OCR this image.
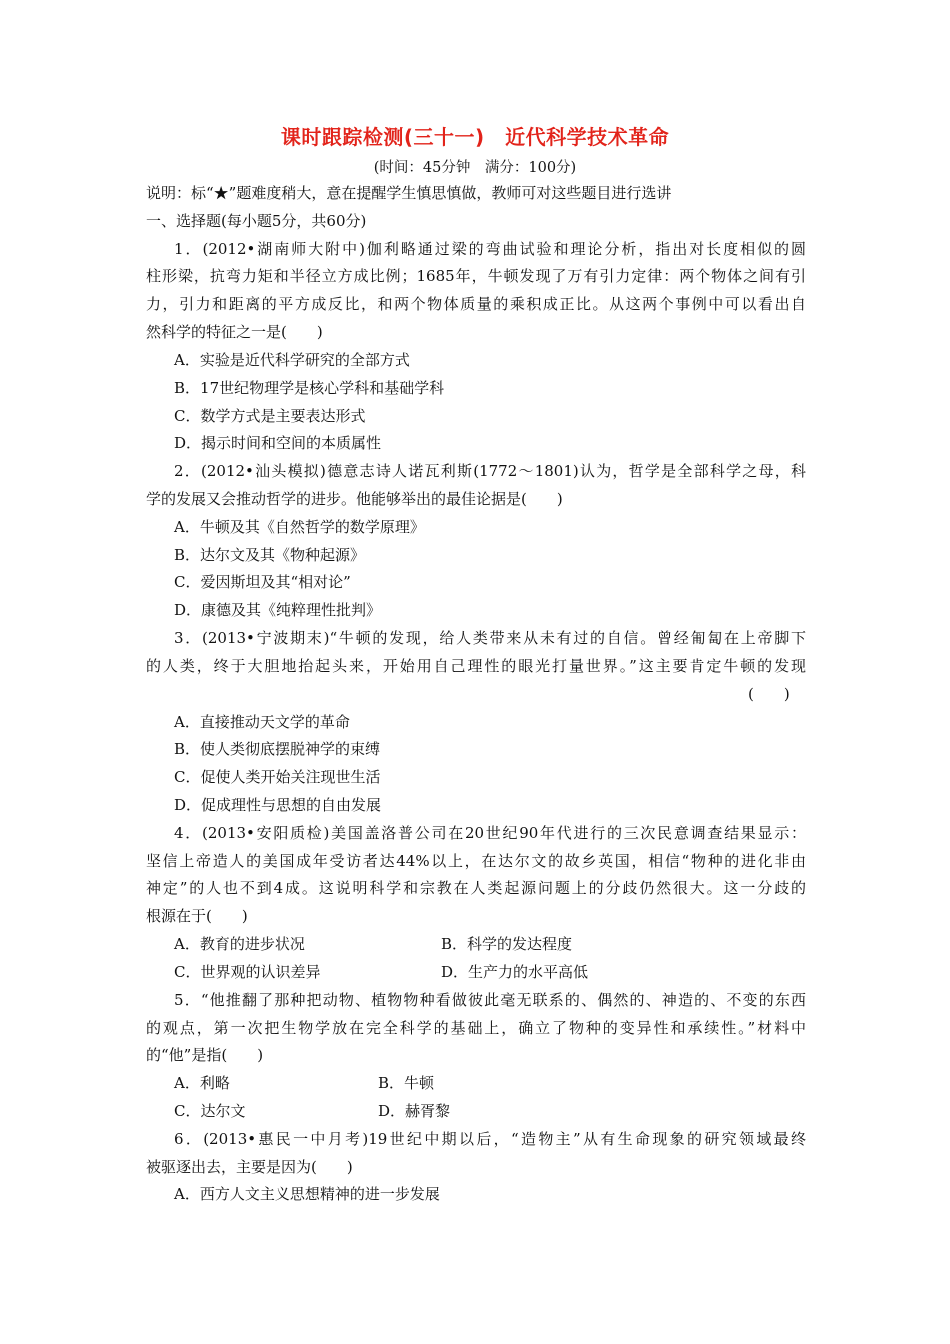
课时跟踪检测(三十一)　近代科学技术革命
(时间：45分钟　满分：100分)
说明：标“★”题难度稍大，意在提醒学生慎思慎做，教师可对这些题目进行选讲
一、选择题(每小题5分，共60分)
1．(2012•湖南师大附中)伽利略通过梁的弯曲试验和理论分析，指出对长度相似的圆
柱形梁，抗弯力矩和半径立方成比例；1685年，牛顿发现了万有引力定律：两个物体之间有引
力，引力和距离的平方成反比，和两个物体质量的乘积成正比。从这两个事例中可以看出自
然科学的特征之一是(　　)
A．实验是近代科学研究的全部方式
B．17世纪物理学是核心学科和基础学科
C．数学方式是主要表达形式
D．揭示时间和空间的本质属性
2．(2012•汕头模拟)德意志诗人诺瓦利斯(1772～1801)认为，哲学是全部科学之母，科
学的发展又会推动哲学的进步。他能够举出的最佳论据是(　　)
A．牛顿及其《自然哲学的数学原理》
B．达尔文及其《物种起源》
C．爱因斯坦及其“相对论”
D．康德及其《纯粹理性批判》
3．(2013•宁波期末)“牛顿的发现，给人类带来从未有过的自信。曾经匍匐在上帝脚下
的人类，终于大胆地抬起头来，开始用自己理性的眼光打量世界。”这主要肯定牛顿的发现
(　　)
A．直接推动天文学的革命
B．使人类彻底摆脱神学的束缚
C．促使人类开始关注现世生活
D．促成理性与思想的自由发展
4．(2013•安阳质检)美国盖洛普公司在20世纪90年代进行的三次民意调查结果显示：
坚信上帝造人的美国成年受访者达44%以上，在达尔文的故乡英国，相信“物种的进化非由
神定”的人也不到4成。这说明科学和宗教在人类起源问题上的分歧仍然很大。这一分歧的
根源在于(　　)
A．教育的进步状况	B．科学的发达程度
C．世界观的认识差异	D．生产力的水平高低
5．“他推翻了那种把动物、植物物种看做彼此毫无联系的、偶然的、神造的、不变的东西
的观点，第一次把生物学放在完全科学的基础上，确立了物种的变异性和承续性。”材料中
的“他”是指(　　)
A．利略	B．牛顿
C．达尔文	D．赫胥黎
6．(2013•惠民一中月考)19世纪中期以后，“造物主”从有生命现象的研究领域最终
被驱逐出去，主要是因为(　　)
A．西方人文主义思想精神的进一步发展
